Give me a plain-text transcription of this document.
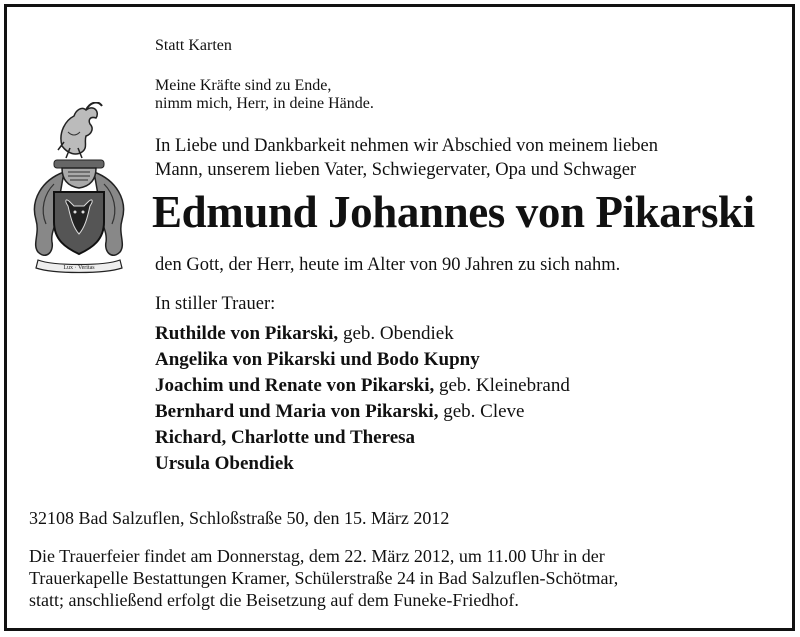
Lux · Veritas

Statt Karten

Meine Kräfte sind zu Ende,

nimm mich, Herr, in deine Hände.

In Liebe und Dankbarkeit nehmen wir Abschied von meinem lieben

Mann, unserem lieben Vater, Schwiegervater, Opa und Schwager

Edmund Johannes von Pikarski

den Gott, der Herr, heute im Alter von 90 Jahren zu sich nahm.

In stiller Trauer:

Ruthilde von Pikarski, geb. Obendiek

Angelika von Pikarski und Bodo Kupny

Joachim und Renate von Pikarski, geb. Kleinebrand

Bernhard und Maria von Pikarski, geb. Cleve

Richard, Charlotte und Theresa

Ursula Obendiek

32108 Bad Salzuflen, Schloßstraße 50, den 15. März 2012

Die Trauerfeier findet am Donnerstag, dem 22. März 2012, um 11.00 Uhr in der

Trauerkapelle Bestattungen Kramer, Schülerstraße 24 in Bad Salzuflen-Schötmar,

statt; anschließend erfolgt die Beisetzung auf dem Funeke-Friedhof.
